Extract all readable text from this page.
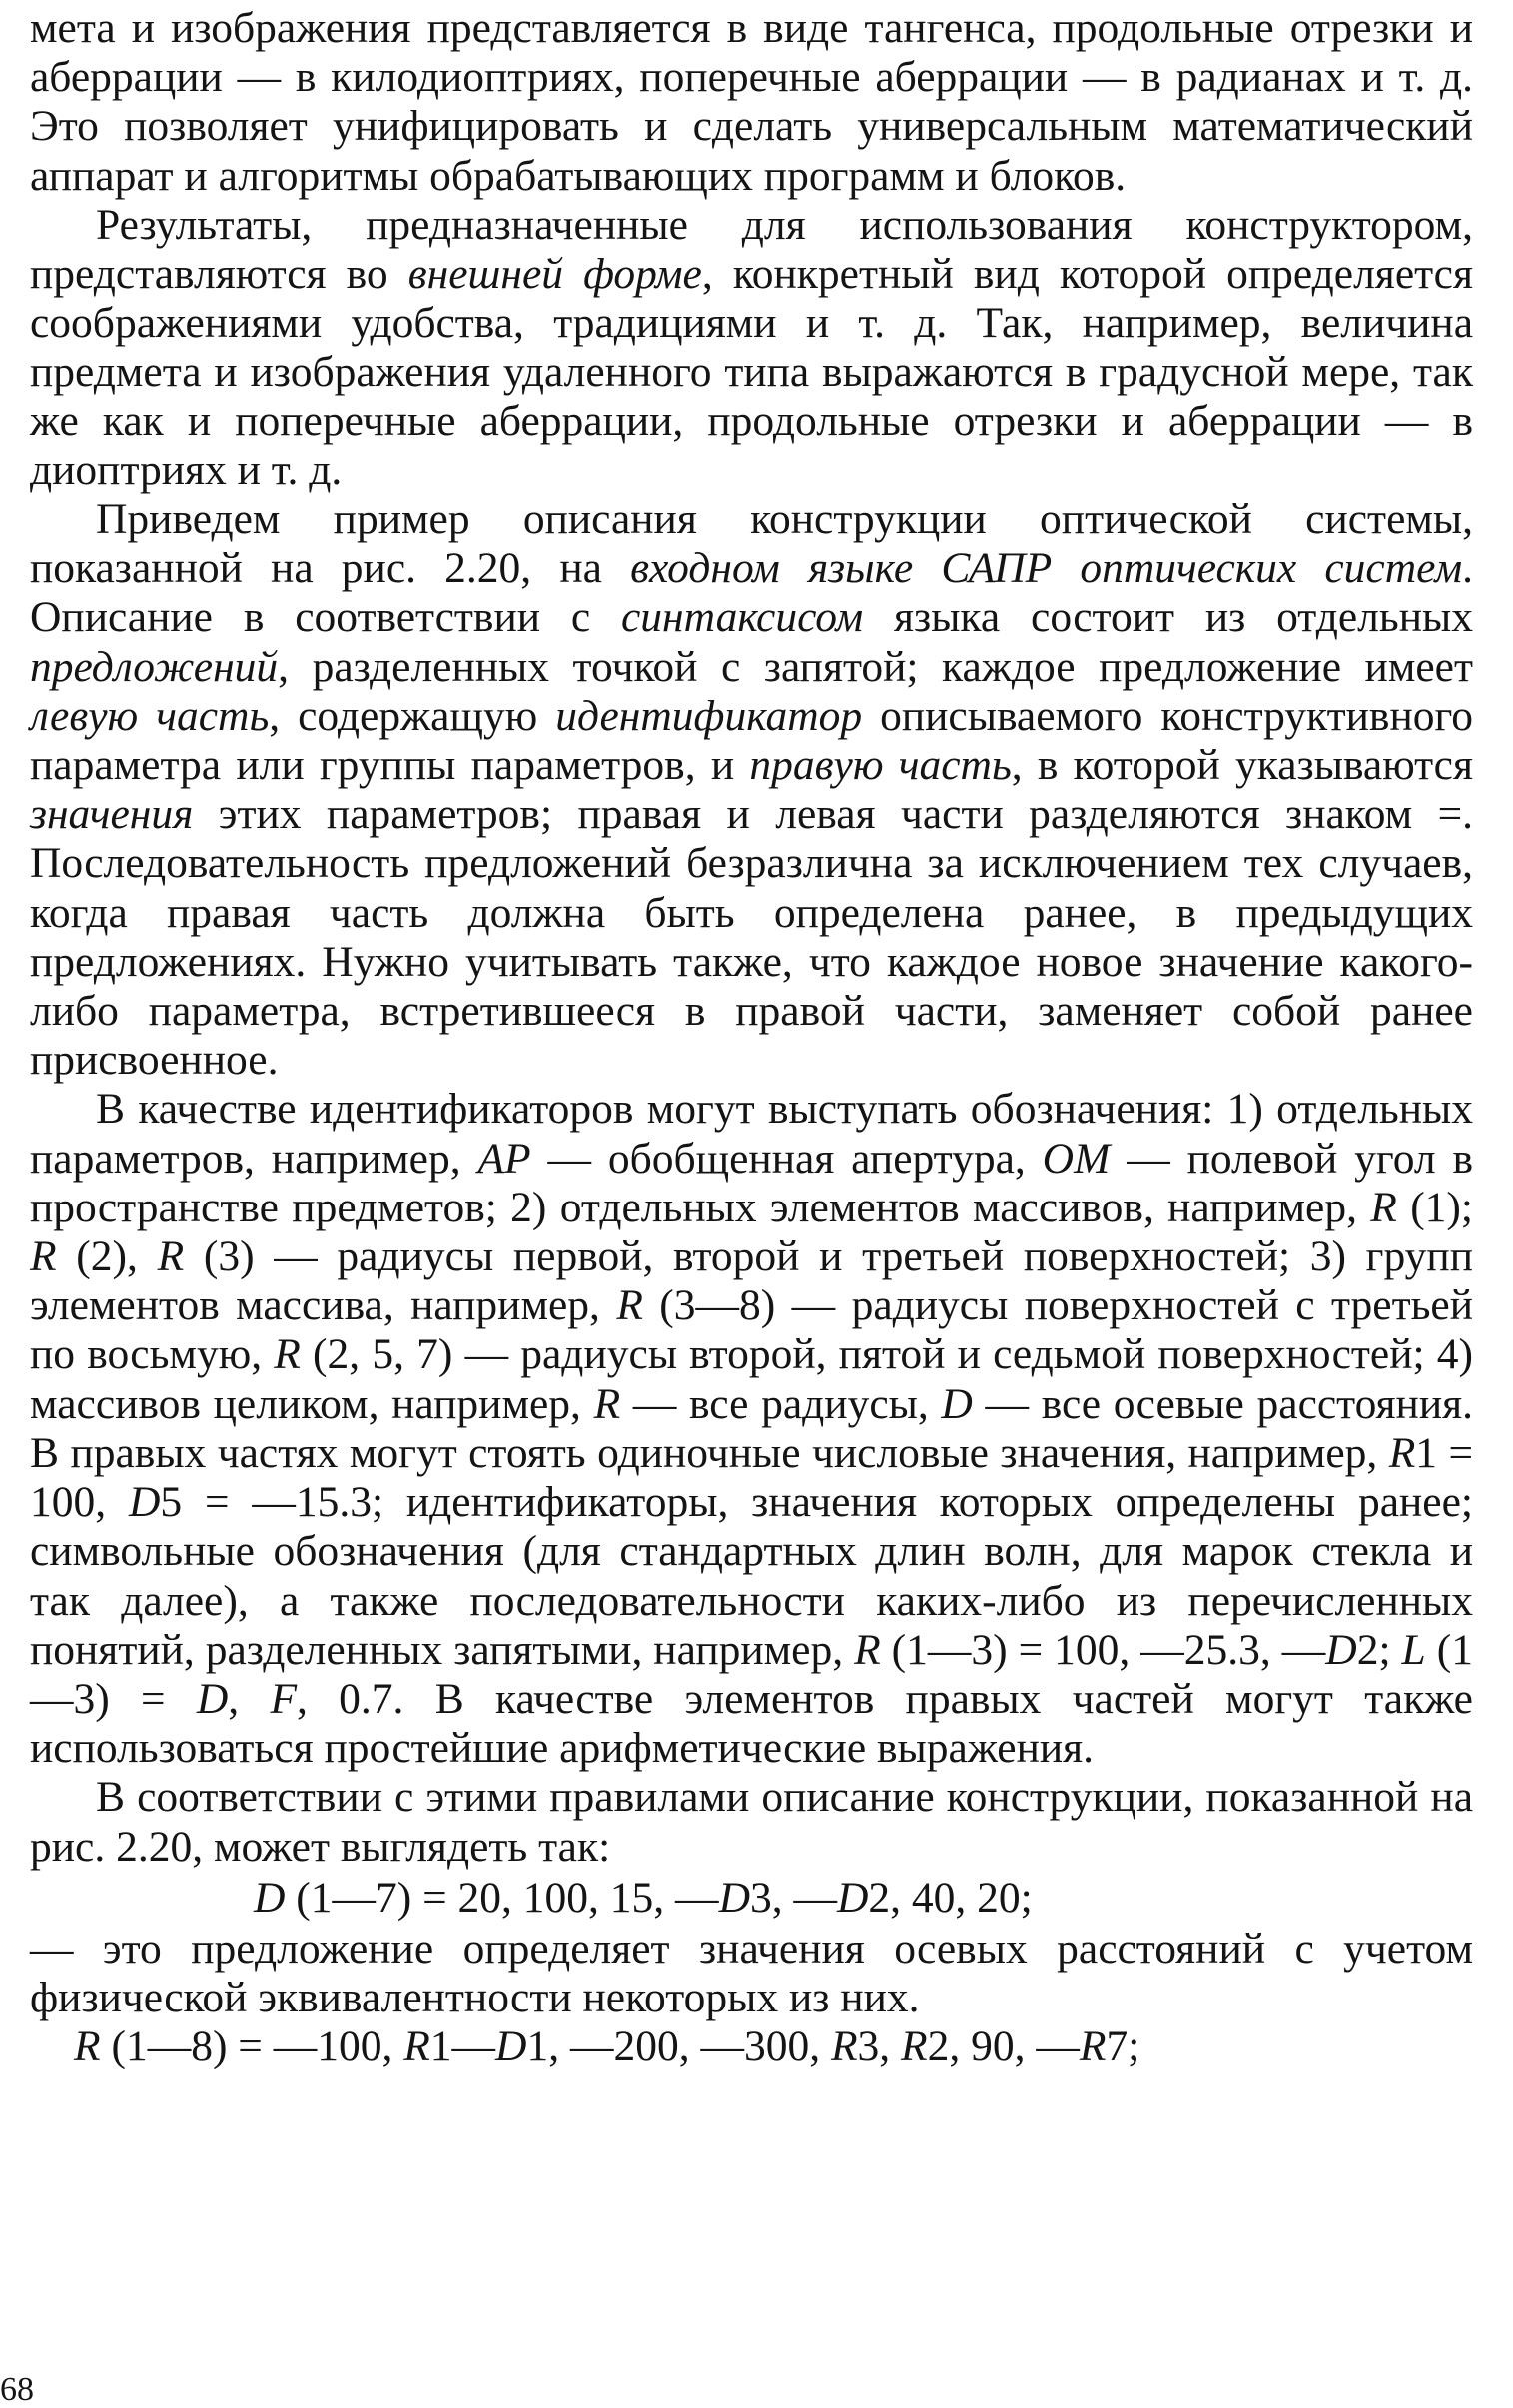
мета и изображения представляется в виде тангенса, продольные отрезки и аберрации — в килодиоптриях, поперечные аберрации — в радианах и т. д. Это позволяет унифицировать и сделать универсальным математический аппарат и алгоритмы обрабатывающих программ и блоков.

Результаты, предназначенные для использования конструктором, представляются во внешней форме, конкретный вид которой определяется соображениями удобства, традициями и т. д. Так, например, величина предмета и изображения удаленного типа выражаются в градусной мере, так же как и поперечные аберрации, продольные отрезки и аберрации — в диоптриях и т. д.

Приведем пример описания конструкции оптической системы, показанной на рис. 2.20, на входном языке САПР оптических систем. Описание в соответствии с синтаксисом языка состоит из отдельных предложений, разделенных точкой с запятой; каждое предложение имеет левую часть, содержащую идентификатор описываемого конструктивного параметра или группы параметров, и правую часть, в которой указываются значения этих параметров; правая и левая части разделяются знаком =. Последовательность предложений безразлична за исключением тех случаев, когда правая часть должна быть определена ранее, в предыдущих предложениях. Нужно учитывать также, что каждое новое значение какого-либо параметра, встретившееся в правой части, заменяет собой ранее присвоенное.

В качестве идентификаторов могут выступать обозначения: 1) отдельных параметров, например, AP — обобщенная апертура, OM — полевой угол в пространстве предметов; 2) отдельных элементов массивов, например, R (1); R (2), R (3) — радиусы первой, второй и третьей поверхностей; 3) групп элементов массива, например, R (3—8) — радиусы поверхностей с третьей по восьмую, R (2, 5, 7) — радиусы второй, пятой и седьмой поверхностей; 4) массивов целиком, например, R — все радиусы, D — все осевые расстояния. В правых частях могут стоять одиночные числовые значения, например, R1 = 100, D5 = —15.3; идентификаторы, значения которых определены ранее; символьные обозначения (для стандартных длин волн, для марок стекла и так далее), а также последовательности каких-либо из перечисленных понятий, разделенных запятыми, например, R (1—3) = 100, —25.3, —D2; L (1—3) = D, F, 0.7. В качестве элементов правых частей могут также использоваться простейшие арифметические выражения.

В соответствии с этими правилами описание конструкции, показанной на рис. 2.20, может выглядеть так:

D (1—7) = 20, 100, 15, —D3, —D2, 40, 20;

— это предложение определяет значения осевых расстояний с учетом физической эквивалентности некоторых из них.

R (1—8) = —100, R1—D1, —200, —300, R3, R2, 90, —R7;

68
